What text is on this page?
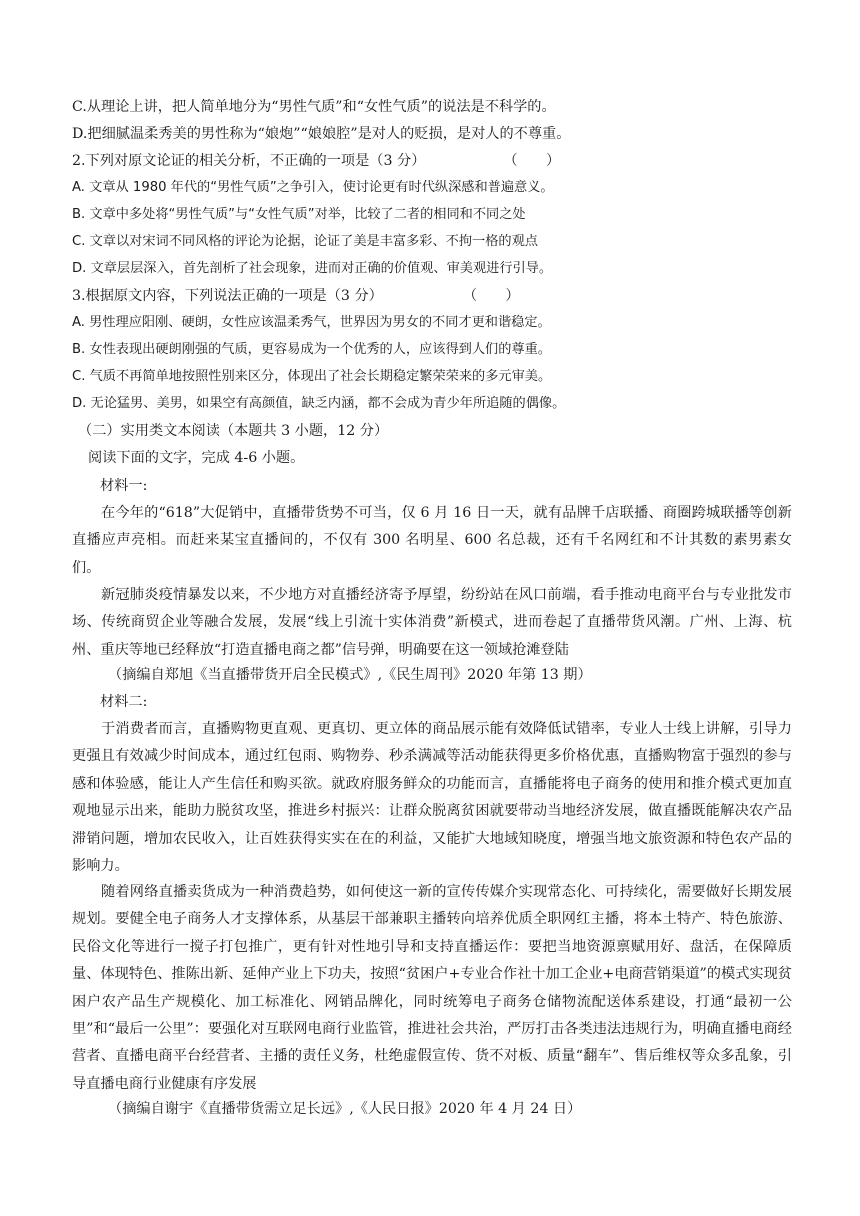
C.从理论上讲，把人简单地分为“男性气质”和“女性气质”的说法是不科学的。
D.把细腻温柔秀美的男性称为“娘炮”“娘娘腔”是对人的贬损，是对人的不尊重。
2.下列对原文论证的相关分析，不正确的一项是（3 分）	（　　）
A. 文章从 1980 年代的“男性气质”之争引入，使讨论更有时代纵深感和普遍意义。
B. 文章中多处将“男性气质”与“女性气质”对举，比较了二者的相同和不同之处
C. 文章以对宋词不同风格的评论为论据，论证了美是丰富多彩、不拘一格的观点
D. 文章层层深入，首先剖析了社会现象，进而对正确的价值观、审美观进行引导。
3.根据原文内容，下列说法正确的一项是（3 分）	（　　）
A. 男性理应阳刚、硬朗，女性应该温柔秀气，世界因为男女的不同才更和谐稳定。
B. 女性表现出硬朗刚强的气质，更容易成为一个优秀的人，应该得到人们的尊重。
C. 气质不再简单地按照性别来区分，体现出了社会长期稳定繁荣荣来的多元审美。
D. 无论猛男、美男，如果空有高颜值，缺乏内涵，都不会成为青少年所追随的偶像。
（二）实用类文本阅读（本题共 3 小题，12 分）
阅读下面的文字，完成 4-6 小题。
材料一:
在今年的“618”大促销中，直播带货势不可当，仅 6 月 16 日一天，就有品牌千店联播、商圈跨城联播等创新直播应声亮相。而赶来某宝直播间的，不仅有 300 名明星、600 名总裁，还有千名网红和不计其数的素男素女们。
新冠肺炎疫情暴发以来，不少地方对直播经济寄予厚望，纷纷站在风口前端，看手推动电商平台与专业批发市场、传统商贸企业等融合发展，发展“线上引流十实体消费”新模式，进而卷起了直播带货风潮。广州、上海、杭州、重庆等地已经释放“打造直播电商之都”信号弹，明确要在这一领域抢滩登陆
（摘编自郑旭《当直播带货开启全民模式》,《民生周刊》2020 年第 13 期）
材料二:
于消费者而言，直播购物更直观、更真切、更立体的商品展示能有效降低试错率，专业人士线上讲解，引导力更强且有效减少时间成本，通过红包雨、购物券、秒杀满减等活动能获得更多价格优惠，直播购物富于强烈的参与感和体验感，能让人产生信任和购买欲。就政府服务鲜众的功能而言，直播能将电子商务的使用和推介模式更加直观地显示出来，能助力脱贫攻坚，推进乡村振兴：让群众脱离贫困就要带动当地经济发展，做直播既能解决农产品滞销问题，增加农民收入，让百姓获得实实在在的利益，又能扩大地域知晓度，增强当地文旅资源和特色农产品的影响力。
随着网络直播卖货成为一种消费趋势，如何使这一新的宣传传媒介实现常态化、可持续化，需要做好长期发展规划。要健全电子商务人才支撑体系，从基层干部兼职主播转向培养优质全职网红主播，将本土特产、特色旅游、民俗文化等进行一搅子打包推广，更有针对性地引导和支持直播运作：要把当地资源禀赋用好、盘活，在保障质量、体现特色、推陈出新、延伸产业上下功夫，按照“贫困户+专业合作社十加工企业+电商营销渠道”的模式实现贫困户农产品生产规模化、加工标准化、网销品牌化，同时统筹电子商务仓储物流配送体系建设，打通“最初一公里”和“最后一公里”：要强化对互联网电商行业监管，推进社会共治，严厉打击各类违法违规行为，明确直播电商经营者、直播电商平台经营者、主播的责任义务，杜绝虚假宣传、货不对板、质量“翻车”、售后维权等众多乱象，引导直播电商行业健康有序发展
（摘编自谢宇《直播带货需立足长远》,《人民日报》2020 年 4 月 24 日）
